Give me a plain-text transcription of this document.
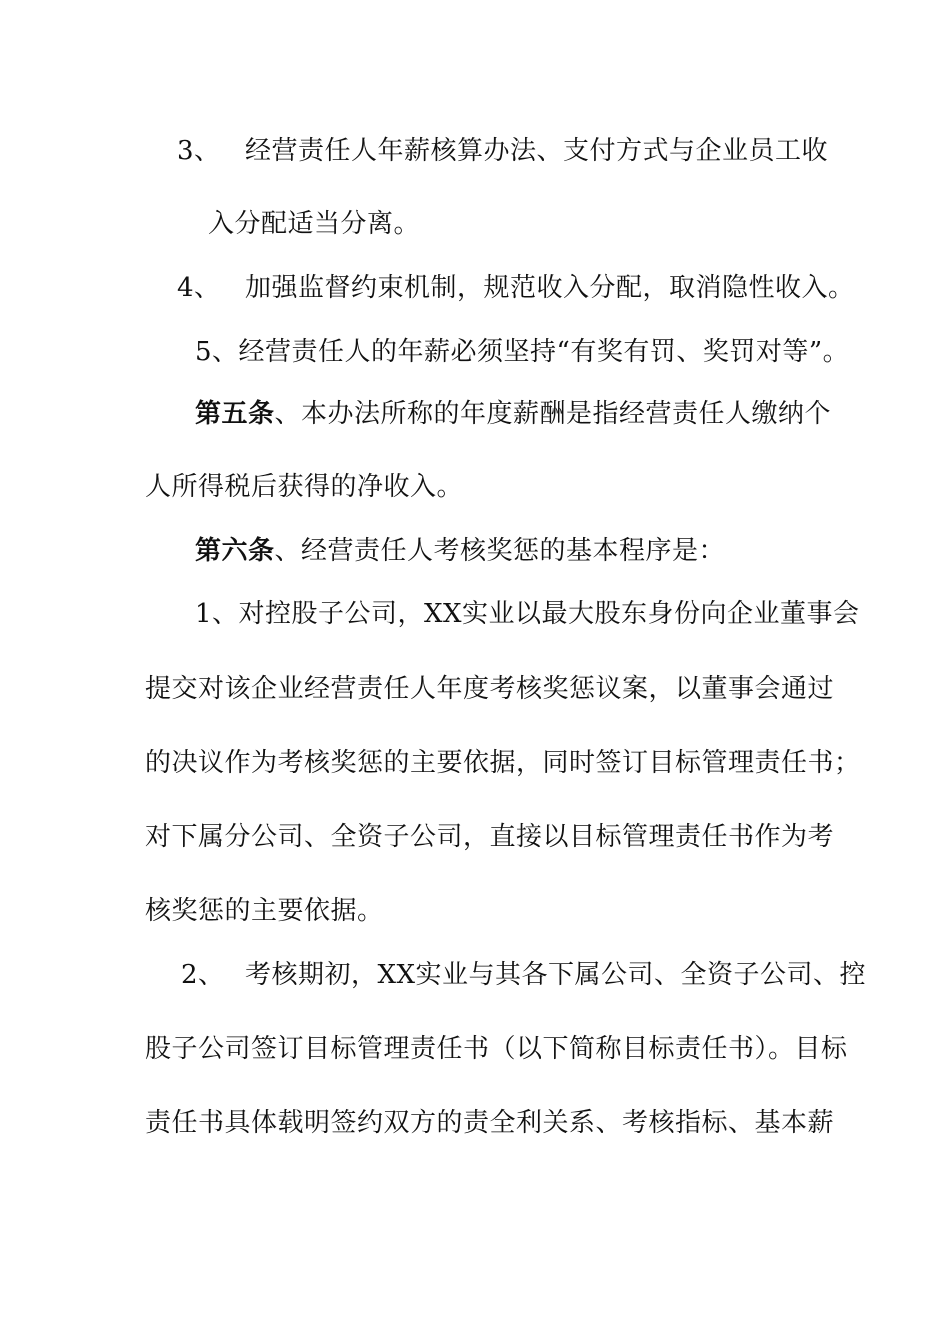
3、 经营责任人年薪核算办法、支付方式与企业员工收
入分配适当分离。
4、 加强监督约束机制，规范收入分配，取消隐性收入。
5、经营责任人的年薪必须坚持“有奖有罚、奖罚对等”。
第五条、本办法所称的年度薪酬是指经营责任人缴纳个
人所得税后获得的净收入。
第六条、经营责任人考核奖惩的基本程序是：
1、对控股子公司，XX实业以最大股东身份向企业董事会
提交对该企业经营责任人年度考核奖惩议案，以董事会通过
的决议作为考核奖惩的主要依据，同时签订目标管理责任书；
对下属分公司、全资子公司，直接以目标管理责任书作为考
核奖惩的主要依据。
2、 考核期初，XX实业与其各下属公司、全资子公司、控
股子公司签订目标管理责任书（以下简称目标责任书）。目标
责任书具体载明签约双方的责全利关系、考核指标、基本薪
